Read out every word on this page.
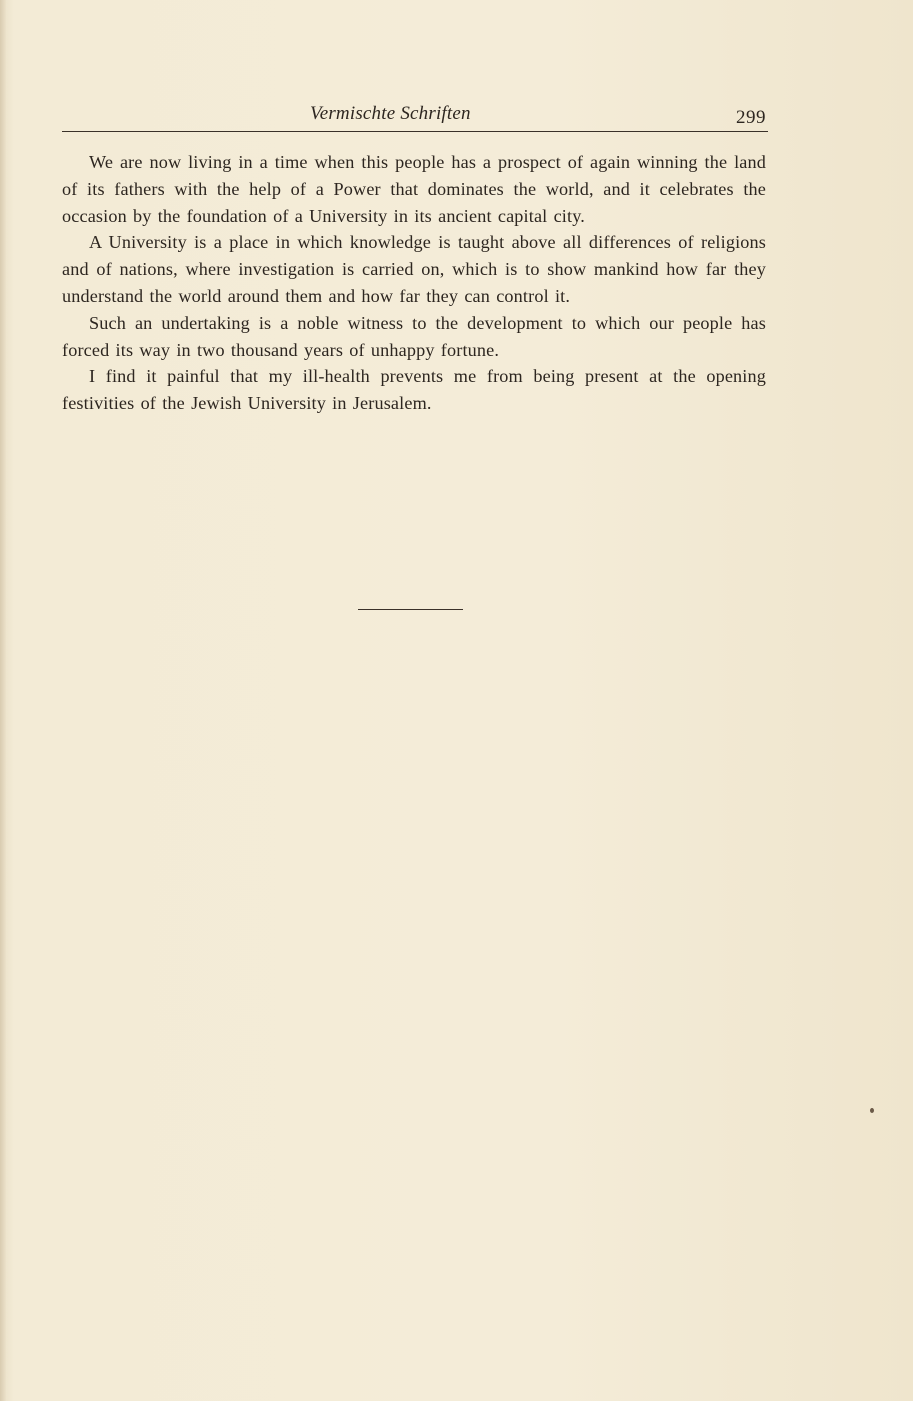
Vermischte Schriften	299

We are now living in a time when this people has a prospect of again winning the land of its fathers with the help of a Power that dominates the world, and it celebrates the occasion by the foundation of a University in its ancient capital city.

A University is a place in which knowledge is taught above all differences of religions and of nations, where investigation is carried on, which is to show mankind how far they understand the world around them and how far they can control it.

Such an undertaking is a noble witness to the development to which our people has forced its way in two thousand years of unhappy fortune.

I find it painful that my ill-health prevents me from being present at the opening festivities of the Jewish University in Jerusalem.
